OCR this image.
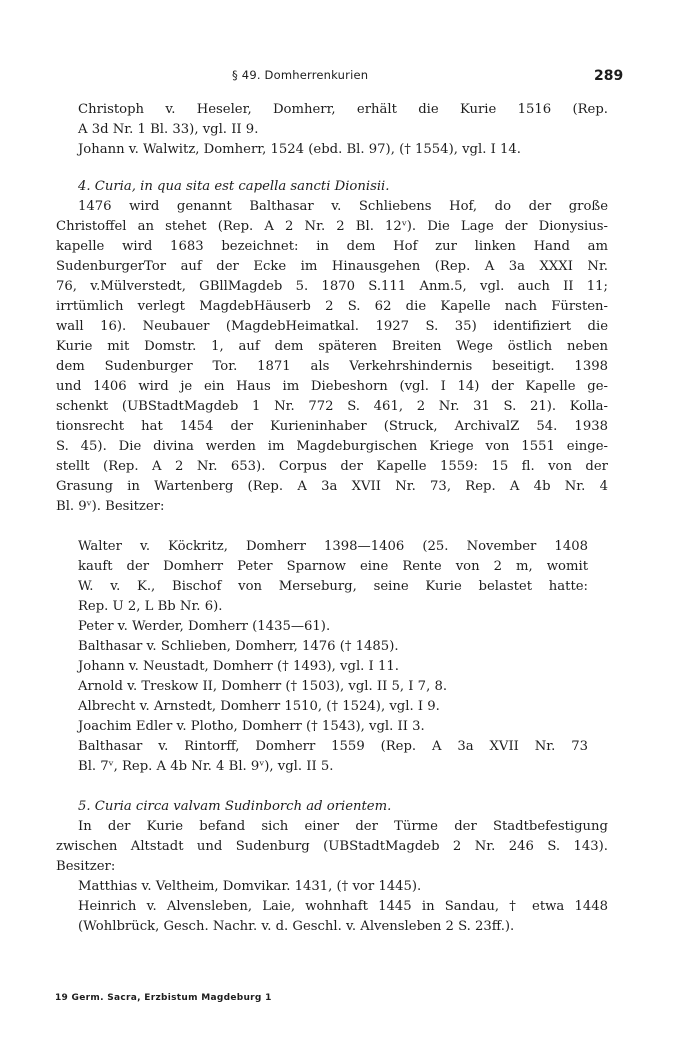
§ 49. Domherrenkurien	289
Christoph v. Heseler, Domherr, erhält die Kurie 1516 (Rep.
A 3d Nr. 1 Bl. 33), vgl. II 9.
Johann v. Walwitz, Domherr, 1524 (ebd. Bl. 97), († 1554), vgl. I 14.
4. Curia, in qua sita est capella sancti Dionisii.
1476 wird genannt Balthasar v. Schliebens Hof, do der große
Christoffel an stehet (Rep. A 2 Nr. 2 Bl. 12ᵛ). Die Lage der Dionysius-
kapelle wird 1683 bezeichnet: in dem Hof zur linken Hand am
SudenburgerTor auf der Ecke im Hinausgehen (Rep. A 3a XXXI Nr.
76, v.Mülverstedt, GBllMagdeb 5. 1870 S.111 Anm.5, vgl. auch II 11;
irrtümlich verlegt MagdebHäuserb 2 S. 62 die Kapelle nach Fürsten-
wall 16). Neubauer (MagdebHeimatkal. 1927 S. 35) identifiziert die
Kurie mit Domstr. 1, auf dem späteren Breiten Wege östlich neben
dem Sudenburger Tor. 1871 als Verkehrshindernis beseitigt. 1398
und 1406 wird je ein Haus im Diebeshorn (vgl. I 14) der Kapelle ge-
schenkt (UBStadtMagdeb 1 Nr. 772 S. 461, 2 Nr. 31 S. 21). Kolla-
tionsrecht hat 1454 der Kurieninhaber (Struck, ArchivalZ 54. 1938
S. 45). Die divina werden im Magdeburgischen Kriege von 1551 einge-
stellt (Rep. A 2 Nr. 653). Corpus der Kapelle 1559: 15 fl. von der
Grasung in Wartenberg (Rep. A 3a XVII Nr. 73, Rep. A 4b Nr. 4
Bl. 9ᵛ). Besitzer:
Walter v. Köckritz, Domherr 1398—1406 (25. November 1408
kauft der Domherr Peter Sparnow eine Rente von 2 m, womit
W. v. K., Bischof von Merseburg, seine Kurie belastet hatte:
Rep. U 2, L Bb Nr. 6).
Peter v. Werder, Domherr (1435—61).
Balthasar v. Schlieben, Domherr, 1476 († 1485).
Johann v. Neustadt, Domherr († 1493), vgl. I 11.
Arnold v. Treskow II, Domherr († 1503), vgl. II 5, I 7, 8.
Albrecht v. Arnstedt, Domherr 1510, († 1524), vgl. I 9.
Joachim Edler v. Plotho, Domherr († 1543), vgl. II 3.
Balthasar v. Rintorff, Domherr 1559 (Rep. A 3a XVII Nr. 73
Bl. 7ᵛ, Rep. A 4b Nr. 4 Bl. 9ᵛ), vgl. II 5.
5. Curia circa valvam Sudinborch ad orientem.
In der Kurie befand sich einer der Türme der Stadtbefestigung
zwischen Altstadt und Sudenburg (UBStadtMagdeb 2 Nr. 246 S. 143).
Besitzer:
Matthias v. Veltheim, Domvikar. 1431, († vor 1445).
Heinrich v. Alvensleben, Laie, wohnhaft 1445 in Sandau, † etwa 1448
(Wohlbrück, Gesch. Nachr. v. d. Geschl. v. Alvensleben 2 S. 23ff.).
19 Germ. Sacra, Erzbistum Magdeburg 1
